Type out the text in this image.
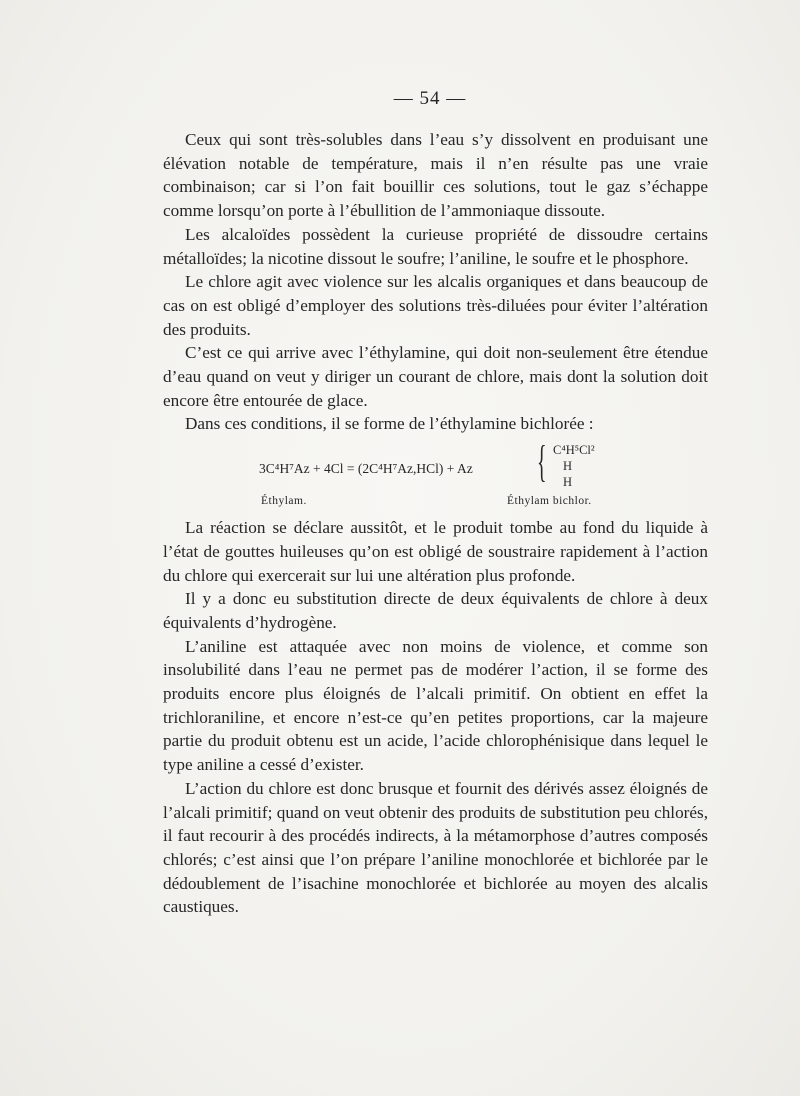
— 54 —

Ceux qui sont très-solubles dans l’eau s’y dissolvent en produisant une élévation notable de température, mais il n’en résulte pas une vraie combinaison; car si l’on fait bouillir ces solutions, tout le gaz s’échappe comme lorsqu’on porte à l’ébullition de l’ammoniaque dissoute.

Les alcaloïdes possèdent la curieuse propriété de dissoudre certains métalloïdes; la nicotine dissout le soufre; l’aniline, le soufre et le phosphore.

Le chlore agit avec violence sur les alcalis organiques et dans beaucoup de cas on est obligé d’employer des solutions très-diluées pour éviter l’altération des produits.

C’est ce qui arrive avec l’éthylamine, qui doit non-seulement être étendue d’eau quand on veut y diriger un courant de chlore, mais dont la solution doit encore être entourée de glace.

Dans ces conditions, il se forme de l’éthylamine bichlorée :

3C⁴H⁷Az + 4Cl = (2C⁴H⁷Az,HCl) + Az { C⁴H⁵Cl²
H
H
Éthylam.	Éthylam bichlor.

La réaction se déclare aussitôt, et le produit tombe au fond du liquide à l’état de gouttes huileuses qu’on est obligé de soustraire rapidement à l’action du chlore qui exercerait sur lui une altération plus profonde.

Il y a donc eu substitution directe de deux équivalents de chlore à deux équivalents d’hydrogène.

L’aniline est attaquée avec non moins de violence, et comme son insolubilité dans l’eau ne permet pas de modérer l’action, il se forme des produits encore plus éloignés de l’alcali primitif. On obtient en effet la trichloraniline, et encore n’est-ce qu’en petites proportions, car la majeure partie du produit obtenu est un acide, l’acide chlorophénisique dans lequel le type aniline a cessé d’exister.

L’action du chlore est donc brusque et fournit des dérivés assez éloignés de l’alcali primitif; quand on veut obtenir des produits de substitution peu chlorés, il faut recourir à des procédés indirects, à la métamorphose d’autres composés chlorés; c’est ainsi que l’on prépare l’aniline monochlorée et bichlorée par le dédoublement de l’isachine monochlorée et bichlorée au moyen des alcalis caustiques.
